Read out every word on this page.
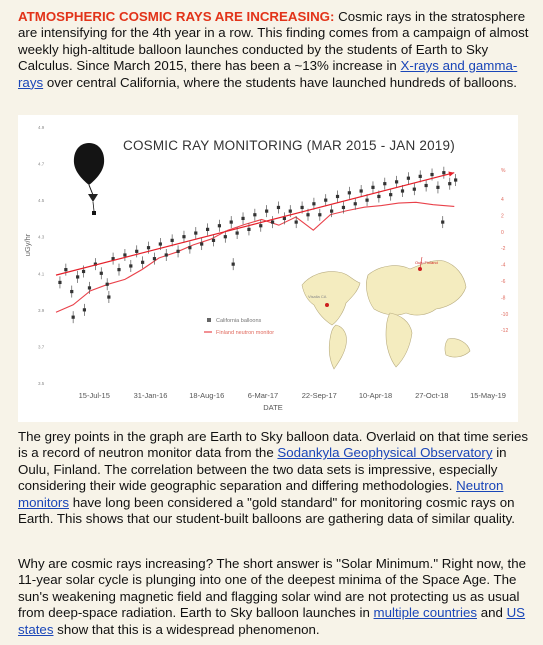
ATMOSPHERIC COSMIC RAYS ARE INCREASING: Cosmic rays in the stratosphere are intensifying for the 4th year in a row. This finding comes from a campaign of almost weekly high-altitude balloon launches conducted by the students of Earth to Sky Calculus. Since March 2015, there has been a ~13% increase in X-rays and gamma-rays over central California, where the students have launched hundreds of balloons.
COSMIC RAY MONITORING (MAR 2015 - JAN 2019)
3.5
3.7
3.9
4.1
4.3
4.5
4.7
4.9
uGy/hr
%
4
2
0
-2
-4
-6
-8
-10
-12
15-Jul-15	31-Jan-16	18-Aug-16	6-Mar-17	22-Sep-17	10-Apr-18	27-Oct-18	15-May-19
DATE
California balloons
Finland neutron monitor
Oulu Finland
Visalia CA
The grey points in the graph are Earth to Sky balloon data. Overlaid on that time series is a record of neutron monitor data from the Sodankyla Geophysical Observatory in Oulu, Finland. The correlation between the two data sets is impressive, especially considering their wide geographic separation and differing methodologies. Neutron monitors have long been considered a "gold standard" for monitoring cosmic rays on Earth. This shows that our student-built balloons are gathering data of similar quality.
Why are cosmic rays increasing? The short answer is "Solar Minimum." Right now, the 11-year solar cycle is plunging into one of the deepest minima of the Space Age. The sun's weakening magnetic field and flagging solar wind are not protecting us as usual from deep-space radiation. Earth to Sky balloon launches in multiple countries and US states show that this is a widespread phenomenon.
